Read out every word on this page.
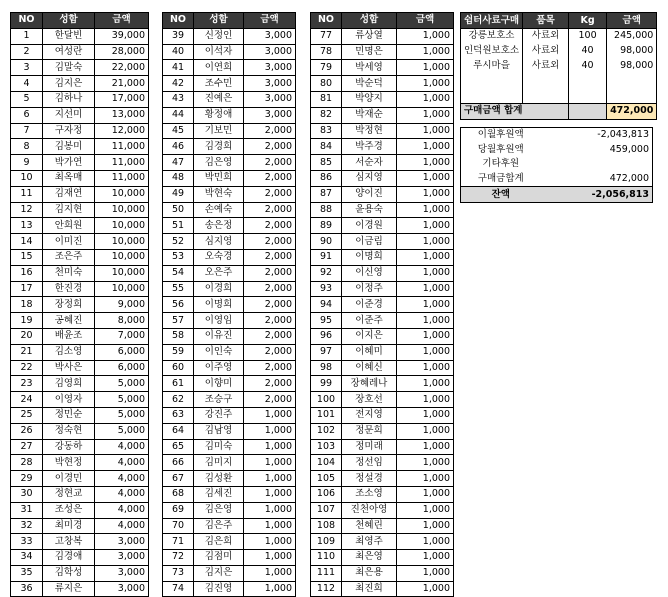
NO	성함	금액
1	한달빈	39,000
2	여성란	28,000
3	김말숙	22,000
4	김지은	21,000
5	김하나	17,000
6	지선미	13,000
7	구자정	12,000
8	김봉미	11,000
9	박가연	11,000
10	최옥매	11,000
11	김재연	10,000
12	김지현	10,000
13	안희원	10,000
14	이미진	10,000
15	조은주	10,000
16	천미숙	10,000
17	한진경	10,000
18	장정희	9,000
19	공혜진	8,000
20	배윤조	7,000
21	김소영	6,000
22	박사은	6,000
23	김영희	5,000
24	이영자	5,000
25	정민순	5,000
26	정숙현	5,000
27	강동하	4,000
28	박현정	4,000
29	이경민	4,000
30	정현교	4,000
31	조성은	4,000
32	최미경	4,000
33	고창복	3,000
34	김경애	3,000
35	김학성	3,000
36	류지은	3,000
NO	성함	금액
39	신정인	3,000
40	이석자	3,000
41	이연희	3,000
42	조수민	3,000
43	진예은	3,000
44	황정애	3,000
45	기보민	2,000
46	김경희	2,000
47	김은영	2,000
48	박민희	2,000
49	박현숙	2,000
50	손예숙	2,000
51	송은정	2,000
52	심지영	2,000
53	오숙경	2,000
54	오은주	2,000
55	이경희	2,000
56	이명희	2,000
57	이영임	2,000
58	이유진	2,000
59	이인숙	2,000
60	이주영	2,000
61	이향미	2,000
62	조승구	2,000
63	강진주	1,000
64	김남영	1,000
65	김미숙	1,000
66	김미지	1,000
67	김성환	1,000
68	김세진	1,000
69	김은영	1,000
70	김은주	1,000
71	김은희	1,000
72	김점미	1,000
73	김지은	1,000
74	김진영	1,000
NO	성함	금액
77	류상열	1,000
78	민명은	1,000
79	박세영	1,000
80	박순덕	1,000
81	박양지	1,000
82	박재순	1,000
83	박정현	1,000
84	박주경	1,000
85	서순자	1,000
86	심지영	1,000
87	양이진	1,000
88	윤용숙	1,000
89	이경원	1,000
90	이금림	1,000
91	이명희	1,000
92	이신영	1,000
93	이정주	1,000
94	이준경	1,000
95	이준주	1,000
96	이지은	1,000
97	이혜미	1,000
98	이혜신	1,000
99	장혜레나	1,000
100	장호선	1,000
101	전지영	1,000
102	정문희	1,000
103	정미래	1,000
104	정선임	1,000
105	정설경	1,000
106	조소영	1,000
107	진천아영	1,000
108	천혜린	1,000
109	최영주	1,000
110	최은영	1,000
111	최은용	1,000
112	최진희	1,000
쉼터사료구매	품목	Kg	금액
강릉보호소	사료외	100	245,000
인덕원보호소	사료외	40	98,000
루시마을	사료외	40	98,000

구매금액 합계			472,000
이월후원액	-2,043,813
당월후원액	459,000
기타후원	
구매금합계	472,000
잔액	-2,056,813
